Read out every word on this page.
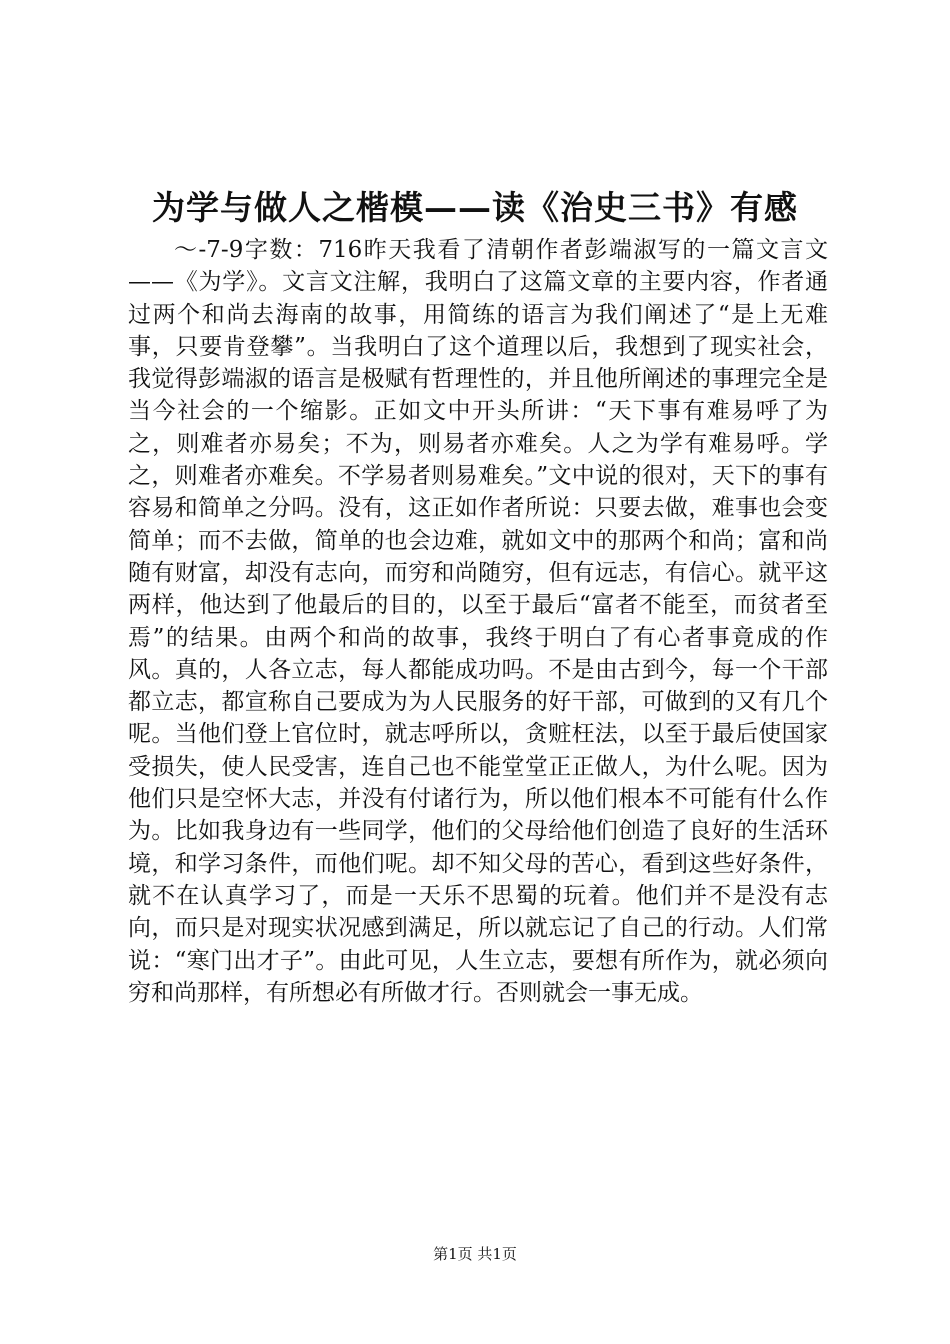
为学与做人之楷模——读《治史三书》有感

～-7-9字数：716昨天我看了清朝作者彭端淑写的一篇文言文——《为学》。文言文注解，我明白了这篇文章的主要内容，作者通过两个和尚去海南的故事，用简练的语言为我们阐述了“是上无难事，只要肯登攀”。当我明白了这个道理以后，我想到了现实社会，我觉得彭端淑的语言是极赋有哲理性的，并且他所阐述的事理完全是当今社会的一个缩影。正如文中开头所讲：“天下事有难易呼了为之，则难者亦易矣；不为，则易者亦难矣。人之为学有难易呼。学之，则难者亦难矣。不学易者则易难矣。”文中说的很对，天下的事有容易和简单之分吗。没有，这正如作者所说：只要去做，难事也会变简单；而不去做，简单的也会边难，就如文中的那两个和尚；富和尚随有财富，却没有志向，而穷和尚随穷，但有远志，有信心。就平这两样，他达到了他最后的目的，以至于最后“富者不能至，而贫者至焉”的结果。由两个和尚的故事，我终于明白了有心者事竟成的作风。真的，人各立志，每人都能成功吗。不是由古到今，每一个干部都立志，都宣称自己要成为为人民服务的好干部，可做到的又有几个呢。当他们登上官位时，就志呼所以，贪赃枉法，以至于最后使国家受损失，使人民受害，连自己也不能堂堂正正做人，为什么呢。因为他们只是空怀大志，并没有付诸行为，所以他们根本不可能有什么作为。比如我身边有一些同学，他们的父母给他们创造了良好的生活环境，和学习条件，而他们呢。却不知父母的苦心，看到这些好条件，就不在认真学习了，而是一天乐不思蜀的玩着。他们并不是没有志向，而只是对现实状况感到满足，所以就忘记了自己的行动。人们常说：“寒门出才子”。由此可见，人生立志，要想有所作为，就必须向穷和尚那样，有所想必有所做才行。否则就会一事无成。

第1页 共1页
